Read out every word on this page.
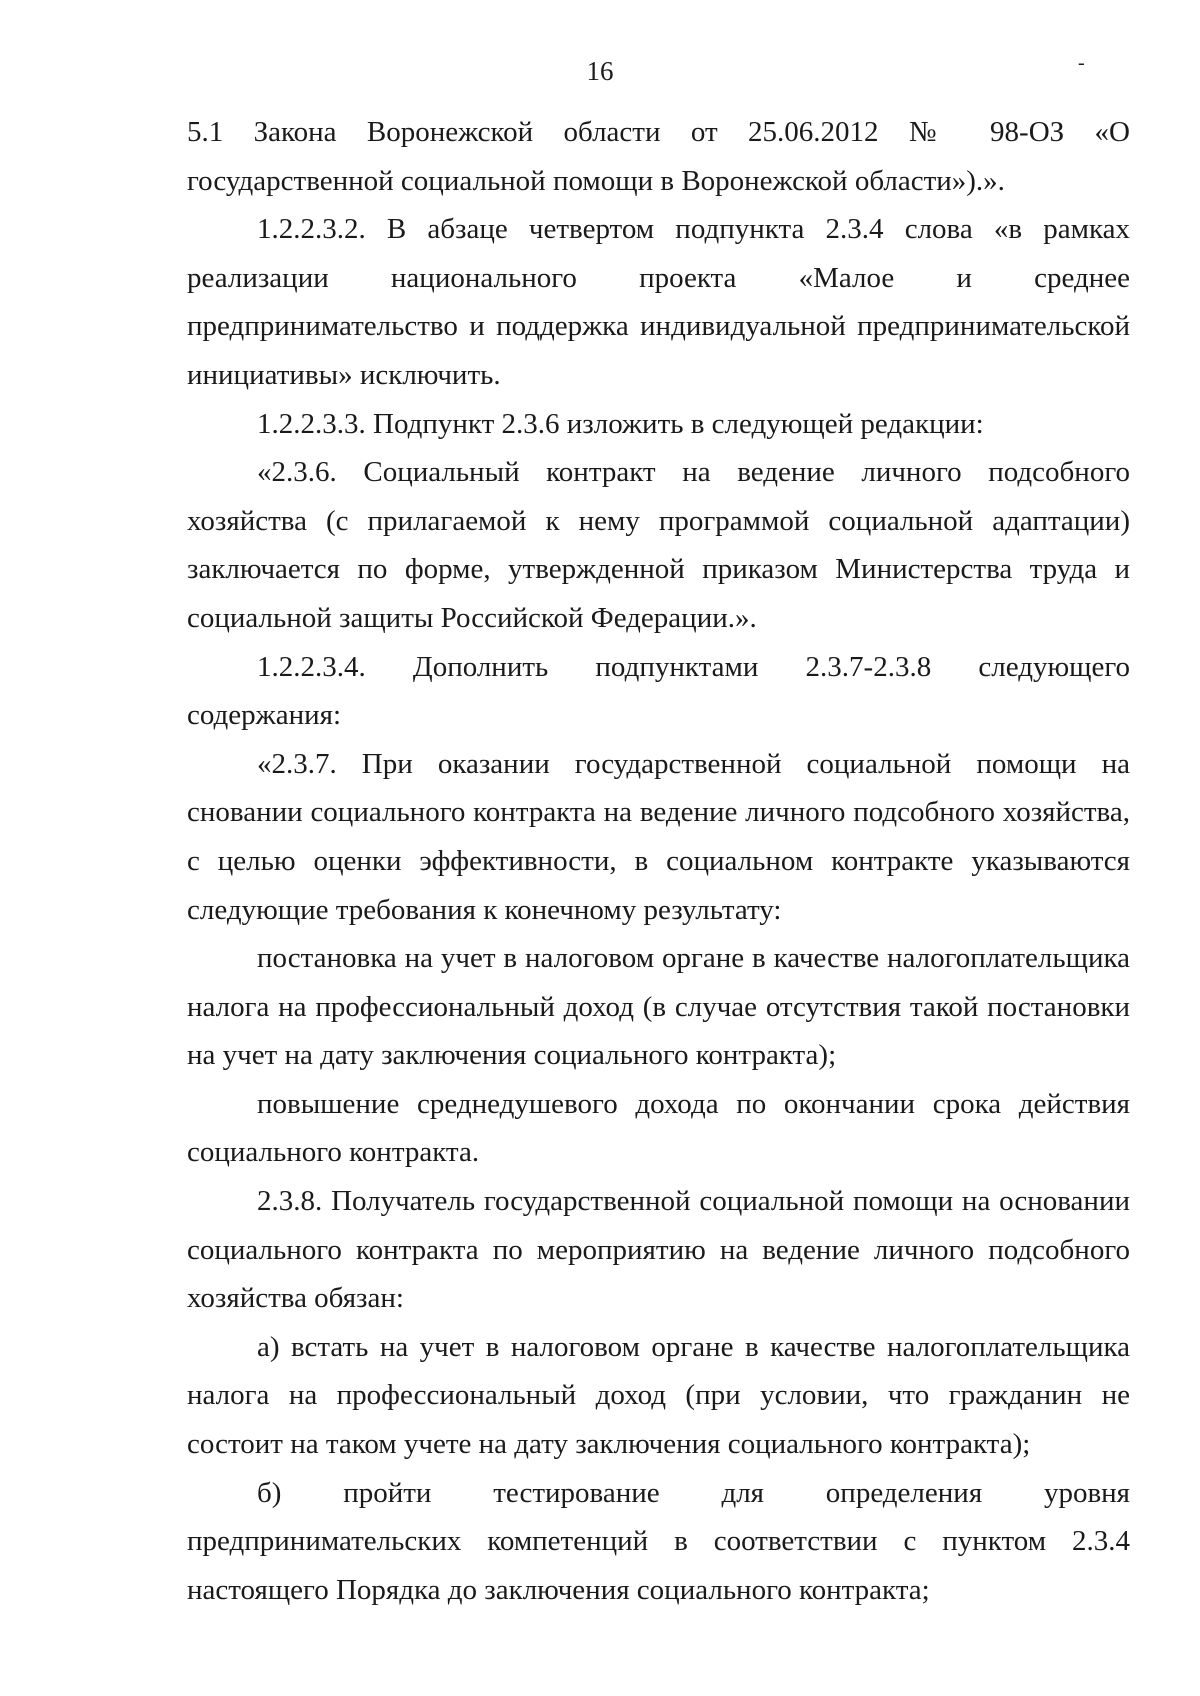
16	-

5.1 Закона Воронежской области от 25.06.2012 № 98-ОЗ «О государственной социальной помощи в Воронежской области»).».

1.2.2.3.2. В абзаце четвертом подпункта 2.3.4 слова «в рамках реализации национального проекта «Малое и среднее предпринимательство и поддержка индивидуальной предпринимательской инициативы» исключить.

1.2.2.3.3. Подпункт 2.3.6 изложить в следующей редакции:

«2.3.6. Социальный контракт на ведение личного подсобного хозяйства (с прилагаемой к нему программой социальной адаптации) заключается по форме, утвержденной приказом Министерства труда и социальной защиты Российской Федерации.».

1.2.2.3.4. Дополнить подпунктами 2.3.7-2.3.8 следующего содержания:

«2.3.7. При оказании государственной социальной помощи на сновании социального контракта на ведение личного подсобного хозяйства, с целью оценки эффективности, в социальном контракте указываются следующие требования к конечному результату:

постановка на учет в налоговом органе в качестве налогоплательщика налога на профессиональный доход (в случае отсутствия такой постановки на учет на дату заключения социального контракта);

повышение среднедушевого дохода по окончании срока действия социального контракта.

2.3.8. Получатель государственной социальной помощи на основании социального контракта по мероприятию на ведение личного подсобного хозяйства обязан:

а) встать на учет в налоговом органе в качестве налогоплательщика налога на профессиональный доход (при условии, что гражданин не состоит на таком учете на дату заключения социального контракта);

б) пройти тестирование для определения уровня предпринимательских компетенций в соответствии с пунктом 2.3.4 настоящего Порядка до заключения социального контракта;
